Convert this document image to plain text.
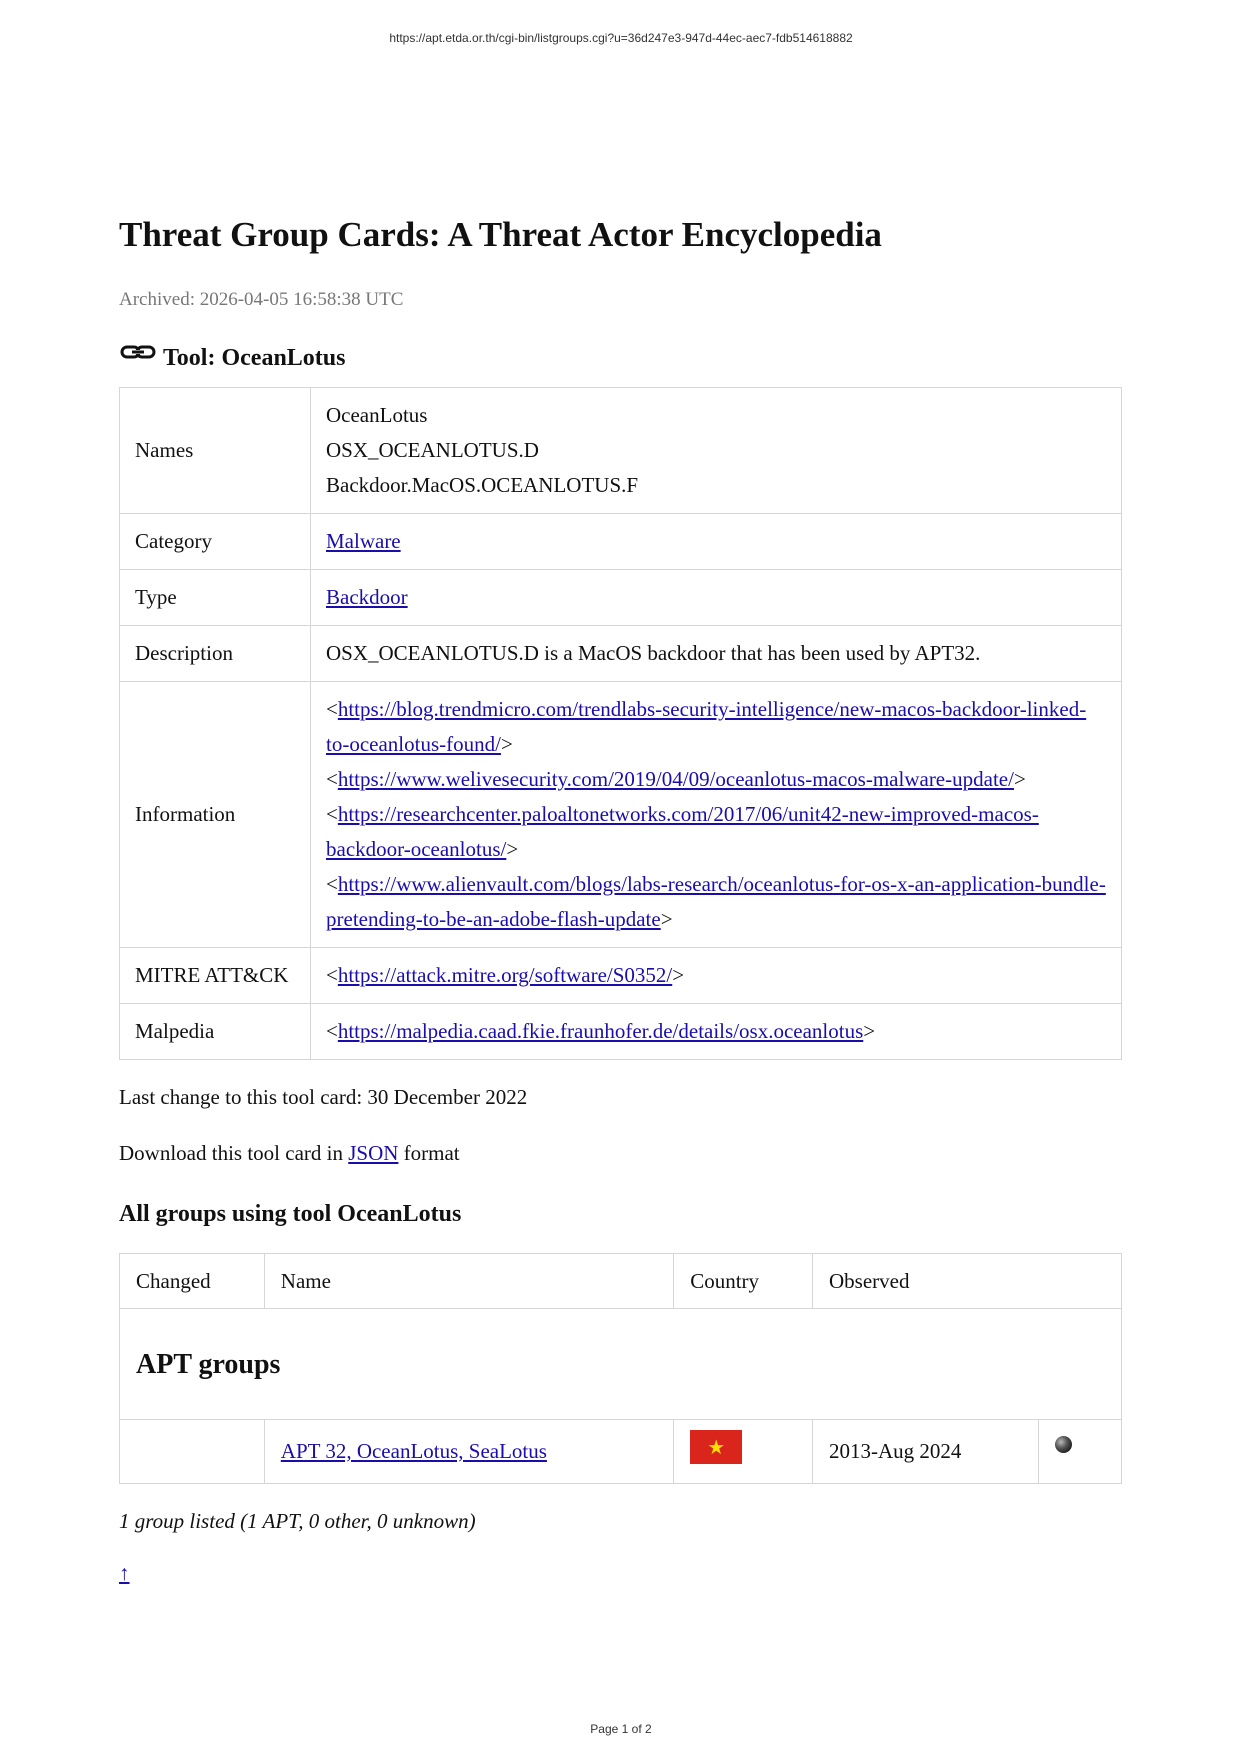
https://apt.etda.or.th/cgi-bin/listgroups.cgi?u=36d247e3-947d-44ec-aec7-fdb514618882
Threat Group Cards: A Threat Actor Encyclopedia
Archived: 2026-04-05 16:58:38 UTC
Tool: OceanLotus
Names	OceanLotus
OSX_OCEANLOTUS.D
Backdoor.MacOS.OCEANLOTUS.F

Category	Malware
Type	Backdoor
Description	OSX_OCEANLOTUS.D is a MacOS backdoor that has been used by APT32.
Information	<https://blog.trendmicro.com/trendlabs-security-intelligence/new-macos-backdoor-linked-to-oceanlotus-found/>
<https://www.welivesecurity.com/2019/04/09/oceanlotus-macos-malware-update/>
<https://researchcenter.paloaltonetworks.com/2017/06/unit42-new-improved-macos-backdoor-oceanlotus/>
<https://www.alienvault.com/blogs/labs-research/oceanlotus-for-os-x-an-application-bundle-pretending-to-be-an-adobe-flash-update>

MITRE ATT&CK	<https://attack.mitre.org/software/S0352/>
Malpedia	<https://malpedia.caad.fkie.fraunhofer.de/details/osx.oceanlotus>
Last change to this tool card: 30 December 2022
Download this tool card in JSON format
All groups using tool OceanLotus
Changed	Name	Country	Observed	
APT groups				
	APT 32, OceanLotus, SeaLotus	★	2013-Aug 2024	
1 group listed (1 APT, 0 other, 0 unknown)
↑
Page 1 of 2
